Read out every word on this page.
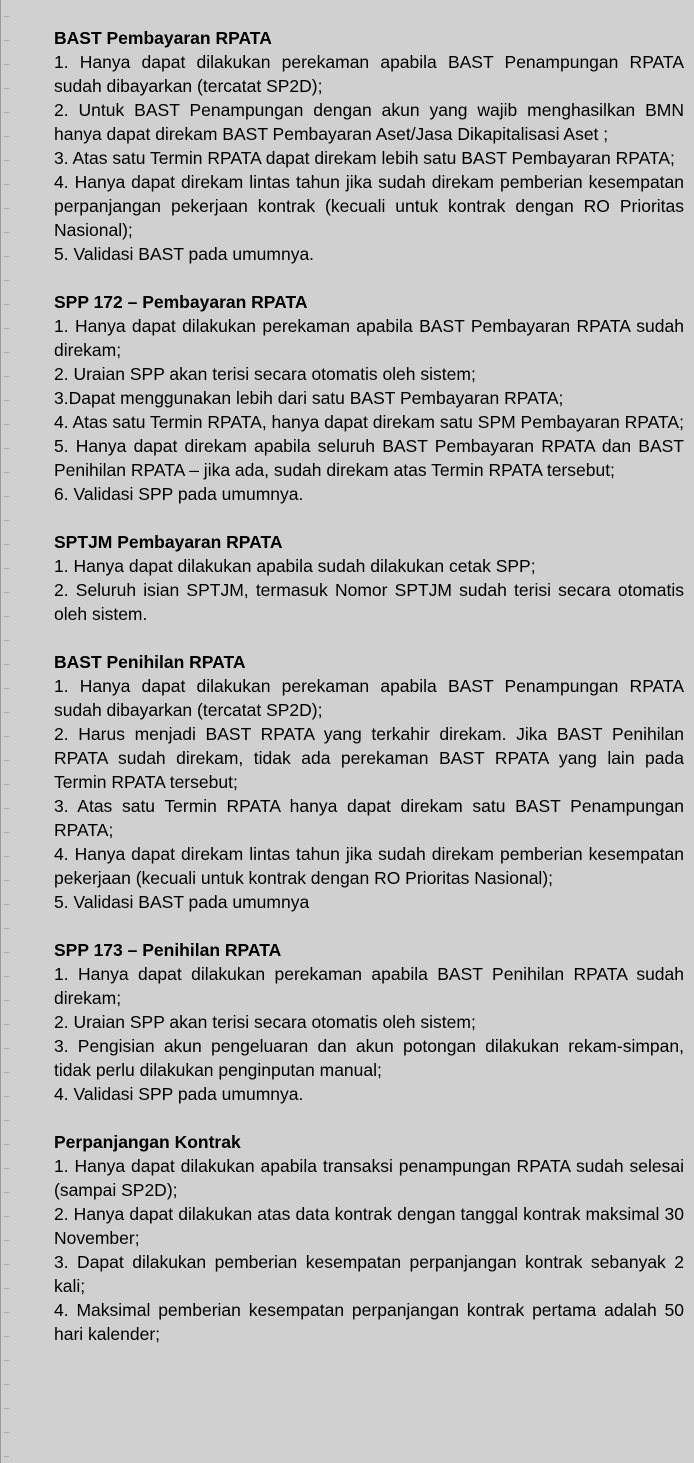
BAST Pembayaran RPATA
1. Hanya dapat dilakukan perekaman apabila BAST Penampungan RPATA sudah dibayarkan (tercatat SP2D);
2. Untuk BAST Penampungan dengan akun yang wajib menghasilkan BMN hanya dapat direkam BAST Pembayaran Aset/Jasa Dikapitalisasi Aset ;
3. Atas satu Termin RPATA dapat direkam lebih satu BAST Pembayaran RPATA;
4. Hanya dapat direkam lintas tahun jika sudah direkam pemberian kesempatan perpanjangan pekerjaan kontrak (kecuali untuk kontrak dengan RO Prioritas Nasional);
5. Validasi BAST pada umumnya.
SPP 172 – Pembayaran RPATA
1. Hanya dapat dilakukan perekaman apabila BAST Pembayaran RPATA sudah direkam;
2. Uraian SPP akan terisi secara otomatis oleh sistem;
3.Dapat menggunakan lebih dari satu BAST Pembayaran RPATA;
4. Atas satu Termin RPATA, hanya dapat direkam satu SPM Pembayaran RPATA;
5. Hanya dapat direkam apabila seluruh BAST Pembayaran RPATA dan BAST Penihilan RPATA – jika ada, sudah direkam atas Termin RPATA tersebut;
6. Validasi SPP pada umumnya.
SPTJM Pembayaran RPATA
1. Hanya dapat dilakukan apabila sudah dilakukan cetak SPP;
2. Seluruh isian SPTJM, termasuk Nomor SPTJM sudah terisi secara otomatis oleh sistem.
BAST Penihilan RPATA
1. Hanya dapat dilakukan perekaman apabila BAST Penampungan RPATA sudah dibayarkan (tercatat SP2D);
2. Harus menjadi BAST RPATA yang terkahir direkam. Jika BAST Penihilan RPATA sudah direkam, tidak ada perekaman BAST RPATA yang lain pada Termin RPATA tersebut;
3. Atas satu Termin RPATA hanya dapat direkam satu BAST Penampungan RPATA;
4. Hanya dapat direkam lintas tahun jika sudah direkam pemberian kesempatan pekerjaan (kecuali untuk kontrak dengan RO Prioritas Nasional);
5. Validasi BAST pada umumnya
SPP 173 – Penihilan RPATA
1. Hanya dapat dilakukan perekaman apabila BAST Penihilan RPATA sudah direkam;
2. Uraian SPP akan terisi secara otomatis oleh sistem;
3. Pengisian akun pengeluaran dan akun potongan dilakukan rekam-simpan, tidak perlu dilakukan penginputan manual;
4. Validasi SPP pada umumnya.
Perpanjangan Kontrak
1. Hanya dapat dilakukan apabila transaksi penampungan RPATA sudah selesai (sampai SP2D);
2. Hanya dapat dilakukan atas data kontrak dengan tanggal kontrak maksimal 30 November;
3. Dapat dilakukan pemberian kesempatan perpanjangan kontrak sebanyak 2 kali;
4. Maksimal pemberian kesempatan perpanjangan kontrak pertama adalah 50 hari kalender;
